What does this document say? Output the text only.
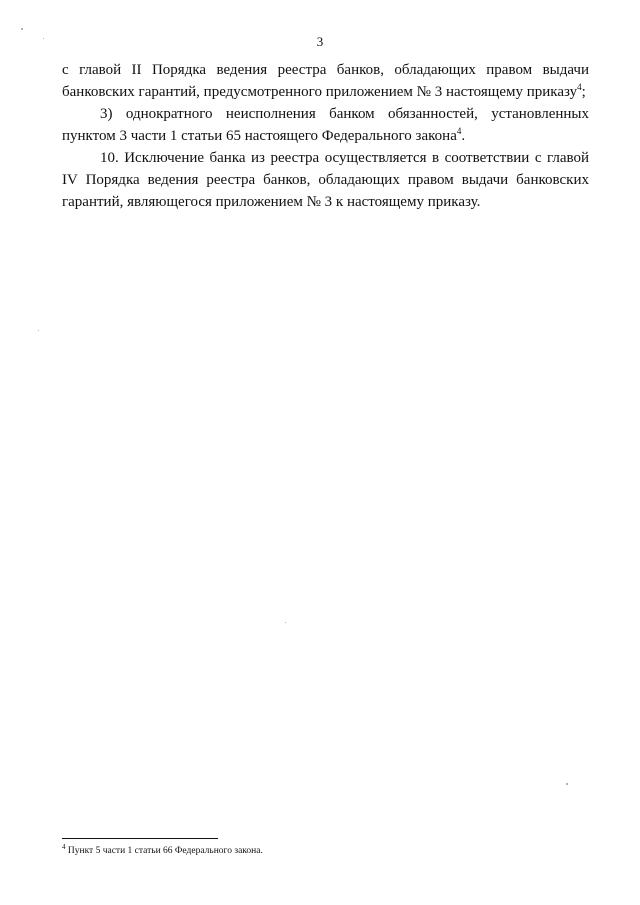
3

с главой II Порядка ведения реестра банков, обладающих правом выдачи банковских гарантий, предусмотренного приложением № 3 настоящему приказу$^4$;

3) однократного неисполнения банком обязанностей, установленных пунктом 3 части 1 статьи 65 настоящего Федерального закона$^4$.

10. Исключение банка из реестра осуществляется в соответствии с главой IV Порядка ведения реестра банков, обладающих правом выдачи банковских гарантий, являющегося приложением № 3 к настоящему приказу.

$^4$ Пункт 5 части 1 статьи 66 Федерального закона.
